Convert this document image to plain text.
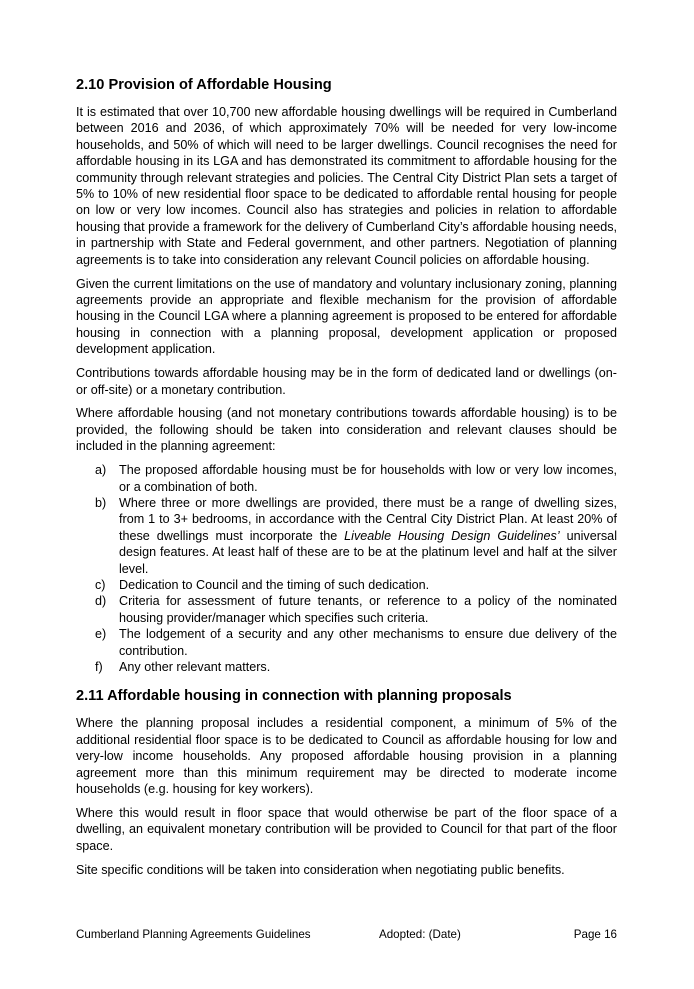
2.10 Provision of Affordable Housing

It is estimated that over 10,700 new affordable housing dwellings will be required in Cumberland between 2016 and 2036, of which approximately 70% will be needed for very low-income households, and 50% of which will need to be larger dwellings. Council recognises the need for affordable housing in its LGA and has demonstrated its commitment to affordable housing for the community through relevant strategies and policies. The Central City District Plan sets a target of 5% to 10% of new residential floor space to be dedicated to affordable rental housing for people on low or very low incomes. Council also has strategies and policies in relation to affordable housing that provide a framework for the delivery of Cumberland City’s affordable housing needs, in partnership with State and Federal government, and other partners. Negotiation of planning agreements is to take into consideration any relevant Council policies on affordable housing.

Given the current limitations on the use of mandatory and voluntary inclusionary zoning, planning agreements provide an appropriate and flexible mechanism for the provision of affordable housing in the Council LGA where a planning agreement is proposed to be entered for affordable housing in connection with a planning proposal, development application or proposed development application.

Contributions towards affordable housing may be in the form of dedicated land or dwellings (on- or off-site) or a monetary contribution.

Where affordable housing (and not monetary contributions towards affordable housing) is to be provided, the following should be taken into consideration and relevant clauses should be included in the planning agreement:

a) The proposed affordable housing must be for households with low or very low incomes, or a combination of both.
b) Where three or more dwellings are provided, there must be a range of dwelling sizes, from 1 to 3+ bedrooms, in accordance with the Central City District Plan. At least 20% of these dwellings must incorporate the Liveable Housing Design Guidelines’ universal design features. At least half of these are to be at the platinum level and half at the silver level.
c) Dedication to Council and the timing of such dedication.
d) Criteria for assessment of future tenants, or reference to a policy of the nominated housing provider/manager which specifies such criteria.
e) The lodgement of a security and any other mechanisms to ensure due delivery of the contribution.
f) Any other relevant matters.
2.11 Affordable housing in connection with planning proposals

Where the planning proposal includes a residential component, a minimum of 5% of the additional residential floor space is to be dedicated to Council as affordable housing for low and very-low income households. Any proposed affordable housing provision in a planning agreement more than this minimum requirement may be directed to moderate income households (e.g. housing for key workers).

Where this would result in floor space that would otherwise be part of the floor space of a dwelling, an equivalent monetary contribution will be provided to Council for that part of the floor space.

Site specific conditions will be taken into consideration when negotiating public benefits.

Cumberland Planning Agreements Guidelines	Adopted: (Date)	Page 16
